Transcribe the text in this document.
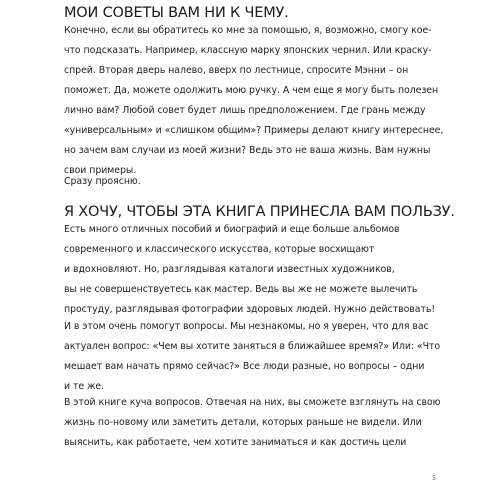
МОИ СОВЕТЫ ВАМ НИ К ЧЕМУ.
Конечно, если вы обратитесь ко мне за помощью, я, возможно, смогу кое-
что подсказать. Например, классную марку японских чернил. Или краску-
спрей. Вторая дверь налево, вверх по лестнице, спросите Мэнни – он
поможет. Да, можете одолжить мою ручку. А чем еще я могу быть полезен
лично вам? Любой совет будет лишь предположением. Где грань между
«универсальным» и «слишком общим»? Примеры делают книгу интереснее,
но зачем вам случаи из моей жизни? Ведь это не ваша жизнь. Вам нужны
свои примеры.
Сразу проясню.
Я ХОЧУ, ЧТОБЫ ЭТА КНИГА ПРИНЕСЛА ВАМ ПОЛЬЗУ.
Есть много отличных пособий и биографий и еще больше альбомов
современного и классического искусства, которые восхищают
и вдохновляют. Но, разглядывая каталоги известных художников,
вы не совершенствуетесь как мастер. Ведь вы же не можете вылечить
простуду, разглядывая фотографии здоровых людей. Нужно действовать!
И в этом очень помогут вопросы. Мы незнакомы, но я уверен, что для вас
актуален вопрос: «Чем вы хотите заняться в ближайшее время?» Или: «Что
мешает вам начать прямо сейчас?» Все люди разные, но вопросы – одни
и те же.
В этой книге куча вопросов. Отвечая на них, вы сможете взглянуть на свою
жизнь по-новому или заметить детали, которых раньше не видели. Или
выяснить, как работаете, чем хотите заниматься и как достичь цели
5
